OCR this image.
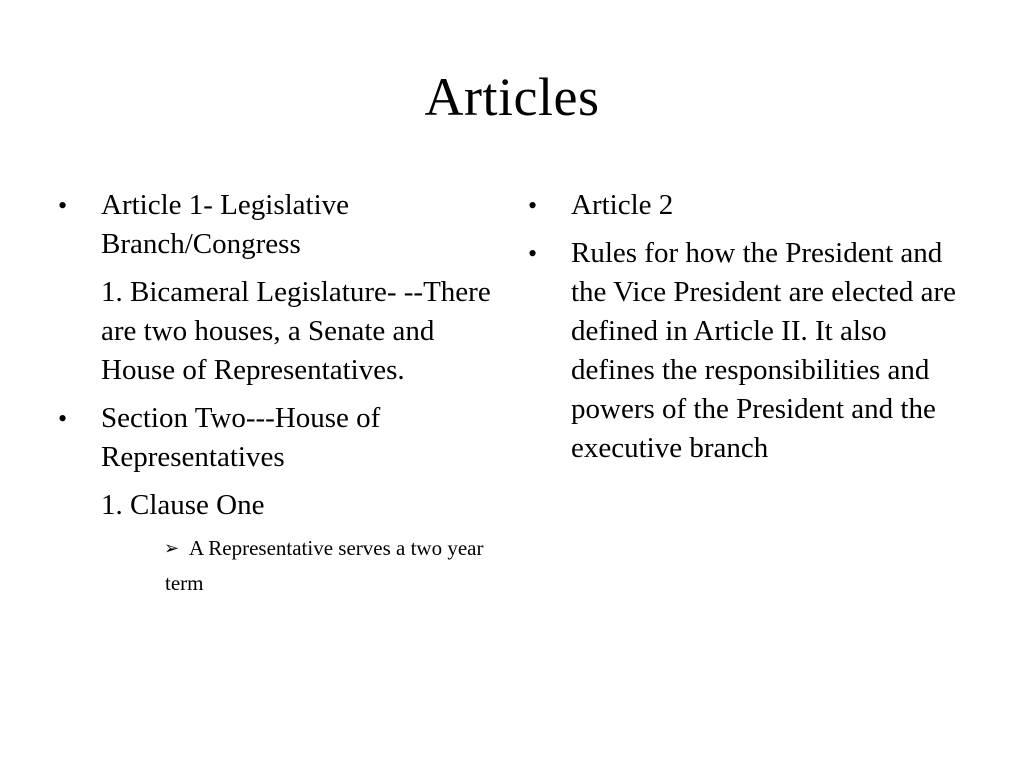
Articles
•	Article 1- Legislative Branch/Congress
1. Bicameral Legislature- --There are two houses, a Senate and House of Representatives.
•	Section Two---House of Representatives
1. Clause One
➢ A Representative serves a two year
term
•	Article 2
•	Rules for how the President and the Vice President are elected are defined in Article II. It also defines the responsibilities and powers of the President and the executive branch
